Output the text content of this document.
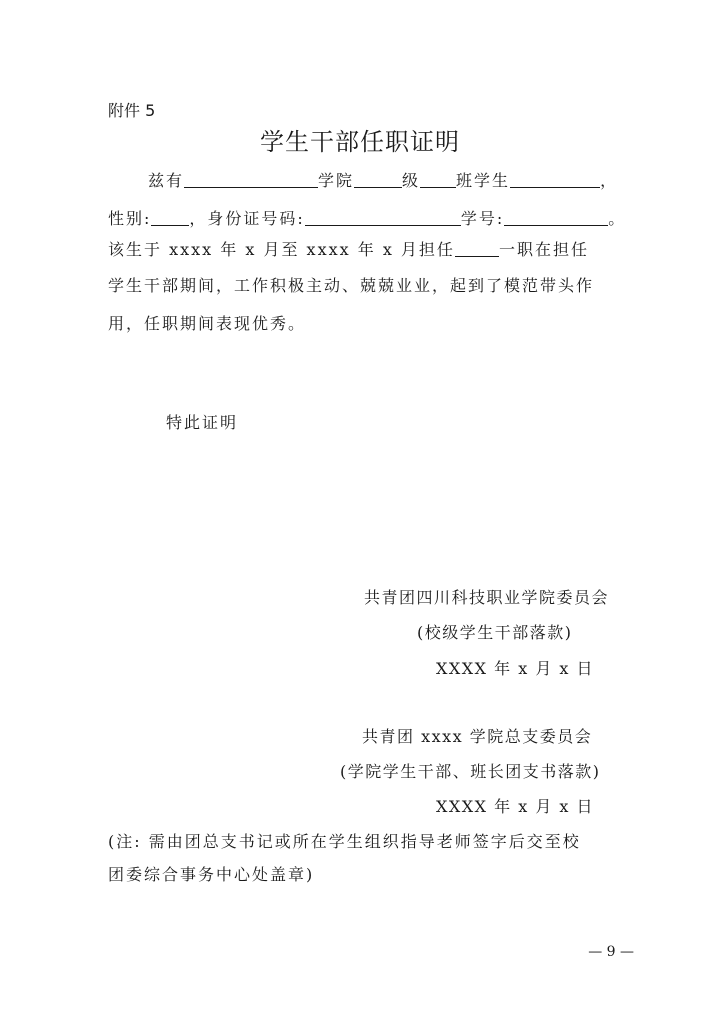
附件 5
学生干部任职证明
兹有	学院	级 班学生	，
性别: ，身份证号码:	学号:	。
该生于 xxxx 年 x 月至 xxxx 年 x 月担任	一职在担任
学生干部期间，工作积极主动、兢兢业业，起到了模范带头作
用，任职期间表现优秀。
特此证明
共青团四川科技职业学院委员会
(校级学生干部落款)
XXXX 年 x 月 x 日
共青团 xxxx 学院总支委员会
(学院学生干部、班长团支书落款)
XXXX 年 x 月 x 日
(注: 需由团总支书记或所在学生组织指导老师签字后交至校
团委综合事务中心处盖章)
— 9 —
